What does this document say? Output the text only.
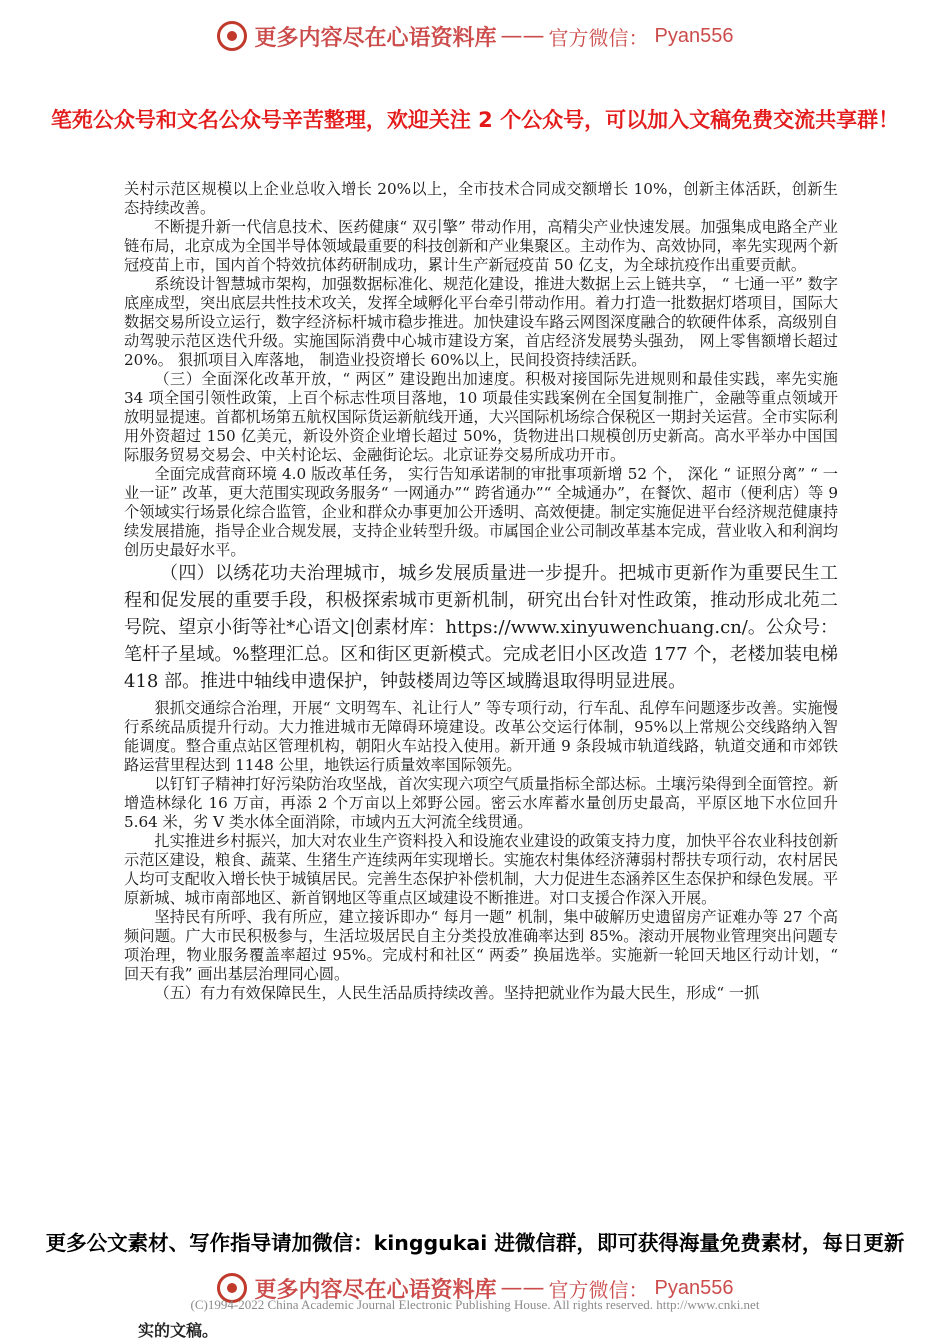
更多内容尽在心语资料库 —— 官方微信： Pyan556
笔苑公众号和文名公众号辛苦整理，欢迎关注 2 个公众号，可以加入文稿免费交流共享群！

关村示范区规模以上企业总收入增长 20%以上，全市技术合同成交额增长 10%，创新主体活跃，创新生态持续改善。

不断提升新一代信息技术、医药健康“ 双引擎” 带动作用，高精尖产业快速发展。加强集成电路全产业链布局，北京成为全国半导体领域最重要的科技创新和产业集聚区。主动作为、高效协同，率先实现两个新冠疫苗上市，国内首个特效抗体药研制成功，累计生产新冠疫苗 50 亿支，为全球抗疫作出重要贡献。

系统设计智慧城市架构，加强数据标准化、规范化建设，推进大数据上云上链共享， “ 七通一平” 数字底座成型，突出底层共性技术攻关，发挥全域孵化平台牵引带动作用。着力打造一批数据灯塔项目，国际大数据交易所设立运行，数字经济标杆城市稳步推进。加快建设车路云网图深度融合的软硬件体系，高级别自动驾驶示范区迭代升级。实施国际消费中心城市建设方案，首店经济发展势头强劲， 网上零售额增长超过 20%。 狠抓项目入库落地， 制造业投资增长 60%以上，民间投资持续活跃。

（三）全面深化改革开放，“ 两区” 建设跑出加速度。积极对接国际先进规则和最佳实践，率先实施 34 项全国引领性政策，上百个标志性项目落地，10 项最佳实践案例在全国复制推广，金融等重点领域开放明显提速。首都机场第五航权国际货运新航线开通，大兴国际机场综合保税区一期封关运营。全市实际利用外资超过 150 亿美元，新设外资企业增长超过 50%，货物进出口规模创历史新高。高水平举办中国国际服务贸易交易会、中关村论坛、金融街论坛。北京证券交易所成功开市。

全面完成营商环境 4.0 版改革任务， 实行告知承诺制的审批事项新增 52 个， 深化 “ 证照分离” “ 一业一证” 改革，更大范围实现政务服务“ 一网通办”“ 跨省通办”“ 全城通办”，在餐饮、超市（便利店）等 9 个领域实行场景化综合监管，企业和群众办事更加公开透明、高效便捷。制定实施促进平台经济规范健康持续发展措施，指导企业合规发展，支持企业转型升级。市属国企业公司制改革基本完成，营业收入和利润均创历史最好水平。

（四）以绣花功夫治理城市，城乡发展质量进一步提升。把城市更新作为重要民生工程和促发展的重要手段，积极探索城市更新机制，研究出台针对性政策，推动形成北苑二号院、望京小街等社*心语文|创素材库：https://www.xinyuwenchuang.cn/。公众号：笔杆子星域。%整理汇总。区和街区更新模式。完成老旧小区改造 177 个，老楼加装电梯 418 部。推进中轴线申遗保护，钟鼓楼周边等区域腾退取得明显进展。

狠抓交通综合治理，开展“ 文明驾车、礼让行人” 等专项行动，行车乱、乱停车问题逐步改善。实施慢行系统品质提升行动。大力推进城市无障碍环境建设。改革公交运行体制，95%以上常规公交线路纳入智能调度。整合重点站区管理机构，朝阳火车站投入使用。新开通 9 条段城市轨道线路，轨道交通和市郊铁路运营里程达到 1148 公里，地铁运行质量效率国际领先。

以钉钉子精神打好污染防治攻坚战，首次实现六项空气质量指标全部达标。土壤污染得到全面管控。新增造林绿化 16 万亩，再添 2 个万亩以上郊野公园。密云水库蓄水量创历史最高，平原区地下水位回升 5.64 米，劣 V 类水体全面消除，市域内五大河流全线贯通。

扎实推进乡村振兴，加大对农业生产资料投入和设施农业建设的政策支持力度，加快平谷农业科技创新示范区建设，粮食、蔬菜、生猪生产连续两年实现增长。实施农村集体经济薄弱村帮扶专项行动，农村居民人均可支配收入增长快于城镇居民。完善生态保护补偿机制，大力促进生态涵养区生态保护和绿色发展。平原新城、城市南部地区、新首钢地区等重点区域建设不断推进。对口支援合作深入开展。

坚持民有所呼、我有所应，建立接诉即办“ 每月一题” 机制，集中破解历史遗留房产证难办等 27 个高频问题。广大市民积极参与，生活垃圾居民自主分类投放准确率达到 85%。滚动开展物业管理突出问题专项治理，物业服务覆盖率超过 95%。完成村和社区“ 两委” 换届选举。实施新一轮回天地区行动计划，“ 回天有我” 画出基层治理同心圆。

（五）有力有效保障民生，人民生活品质持续改善。坚持把就业作为最大民生，形成“ 一抓

更多公文素材、写作指导请加微信：kinggukai 进微信群，即可获得海量免费素材，每日更新
更多内容尽在心语资料库 —— 官方微信： Pyan556
(C)1994-2022 China Academic Journal Electronic Publishing House. All rights reserved. http://www.cnki.net
实的文稿。
